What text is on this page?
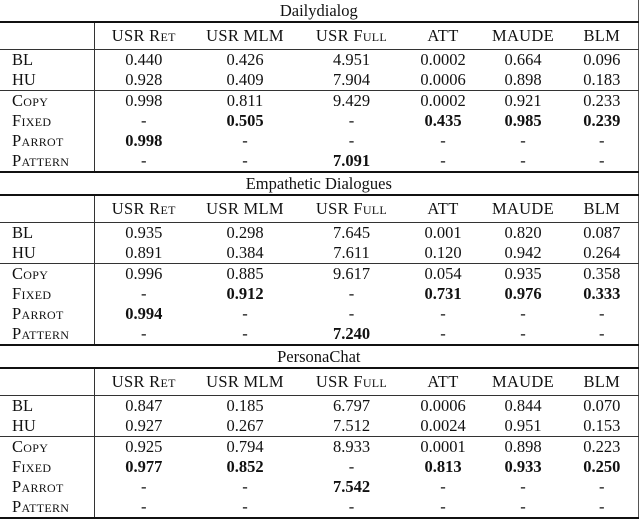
Dailydialog						
	USR Ret	USR MLM	USR Full	ATT	MAUDE	BLM
BL	0.440	0.426	4.951	0.0002	0.664	0.096
HU	0.928	0.409	7.904	0.0006	0.898	0.183
Copy	0.998	0.811	9.429	0.0002	0.921	0.233
Fixed	-	0.505	-	0.435	0.985	0.239
Parrot	0.998	-	-	-	-	-
Pattern	-	-	7.091	-	-	-
Empathetic Dialogues						
	USR Ret	USR MLM	USR Full	ATT	MAUDE	BLM
BL	0.935	0.298	7.645	0.001	0.820	0.087
HU	0.891	0.384	7.611	0.120	0.942	0.264
Copy	0.996	0.885	9.617	0.054	0.935	0.358
Fixed	-	0.912	-	0.731	0.976	0.333
Parrot	0.994	-	-	-	-	-
Pattern	-	-	7.240	-	-	-
PersonaChat						
	USR Ret	USR MLM	USR Full	ATT	MAUDE	BLM
BL	0.847	0.185	6.797	0.0006	0.844	0.070
HU	0.927	0.267	7.512	0.0024	0.951	0.153
Copy	0.925	0.794	8.933	0.0001	0.898	0.223
Fixed	0.977	0.852	-	0.813	0.933	0.250
Parrot	-	-	7.542	-	-	-
Pattern	-	-	-	-	-	-
